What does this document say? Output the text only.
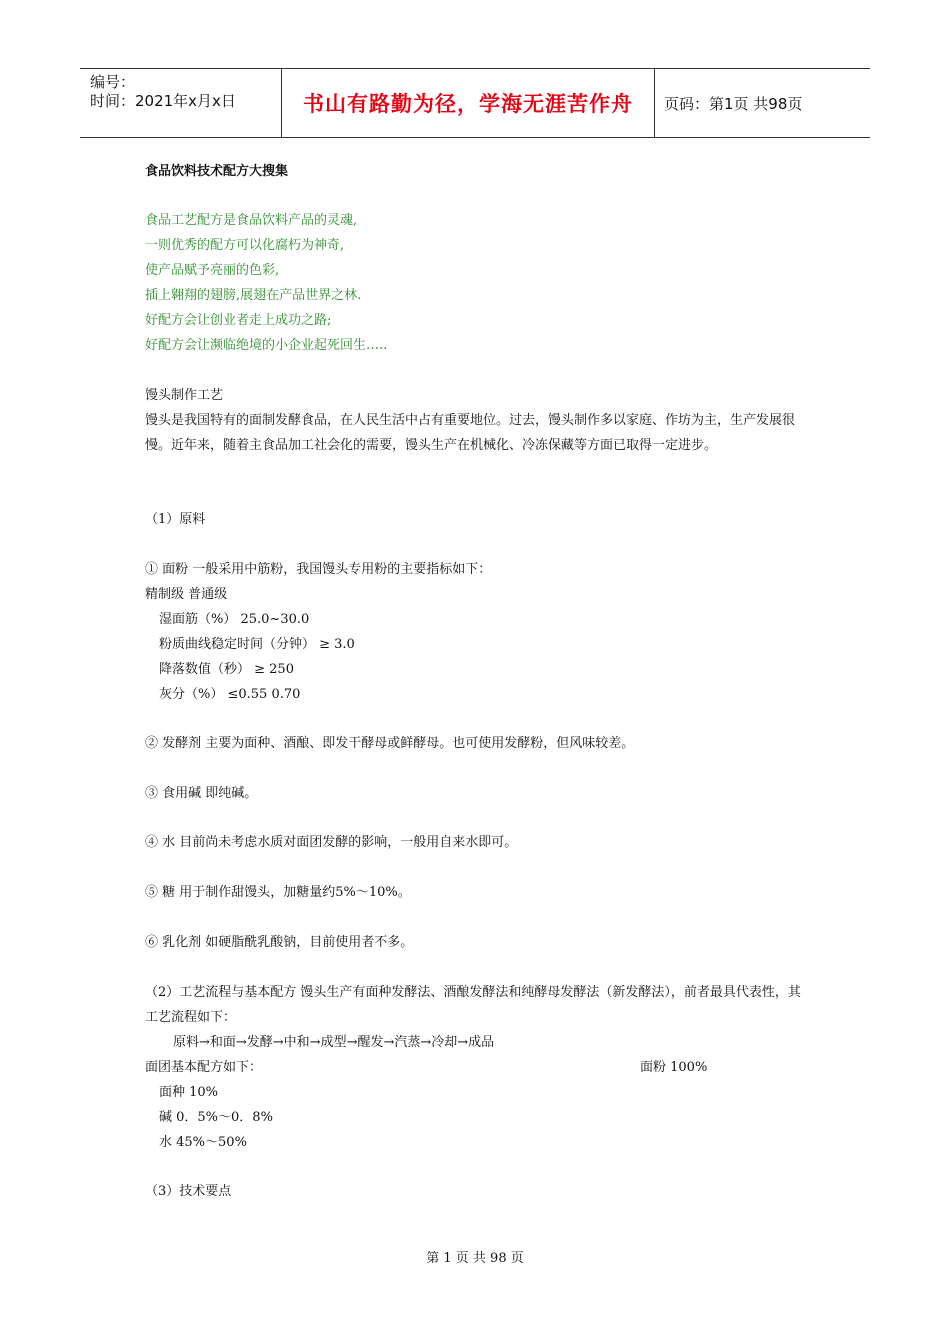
编号：
时间：2021年x月x日	书山有路勤为径，学海无涯苦作舟	页码：第1页 共98页
食品饮料技术配方大搜集
食品工艺配方是食品饮料产品的灵魂,
一则优秀的配方可以化腐朽为神奇,
使产品赋予亮丽的色彩,
插上翱翔的翅膀,展翅在产品世界之林.
好配方会让创业者走上成功之路;
好配方会让濒临绝境的小企业起死回生…..
馒头制作工艺
馒头是我国特有的面制发酵食品，在人民生活中占有重要地位。过去，馒头制作多以家庭、作坊为主，生产发展很慢。近年来，随着主食品加工社会化的需要，馒头生产在机械化、冷冻保藏等方面已取得一定进步。
（1）原料
① 面粉 一般采用中筋粉，我国馒头专用粉的主要指标如下：
精制级 普通级
湿面筋（%） 25.0~30.0
粉质曲线稳定时间（分钟） ≥ 3.0
降落数值（秒） ≥ 250
灰分（%） ≤0.55 0.70
② 发酵剂 主要为面种、酒酿、即发干酵母或鲜酵母。也可使用发酵粉，但风味较差。
③ 食用碱 即纯碱。
④ 水 目前尚未考虑水质对面团发酵的影响，一般用自来水即可。
⑤ 糖 用于制作甜馒头，加糖量约5%～10%。
⑥ 乳化剂 如硬脂酰乳酸钠，目前使用者不多。
（2）工艺流程与基本配方 馒头生产有面种发酵法、酒酿发酵法和纯酵母发酵法（新发酵法），前者最具代表性，其工艺流程如下：
原料→和面→发酵→中和→成型→醒发→汽蒸→冷却→成品
面团基本配方如下：	面粉 100%
面种 10%
碱 0．5%～0．8%
水 45%～50%
（3）技术要点
第 1 页 共 98 页
